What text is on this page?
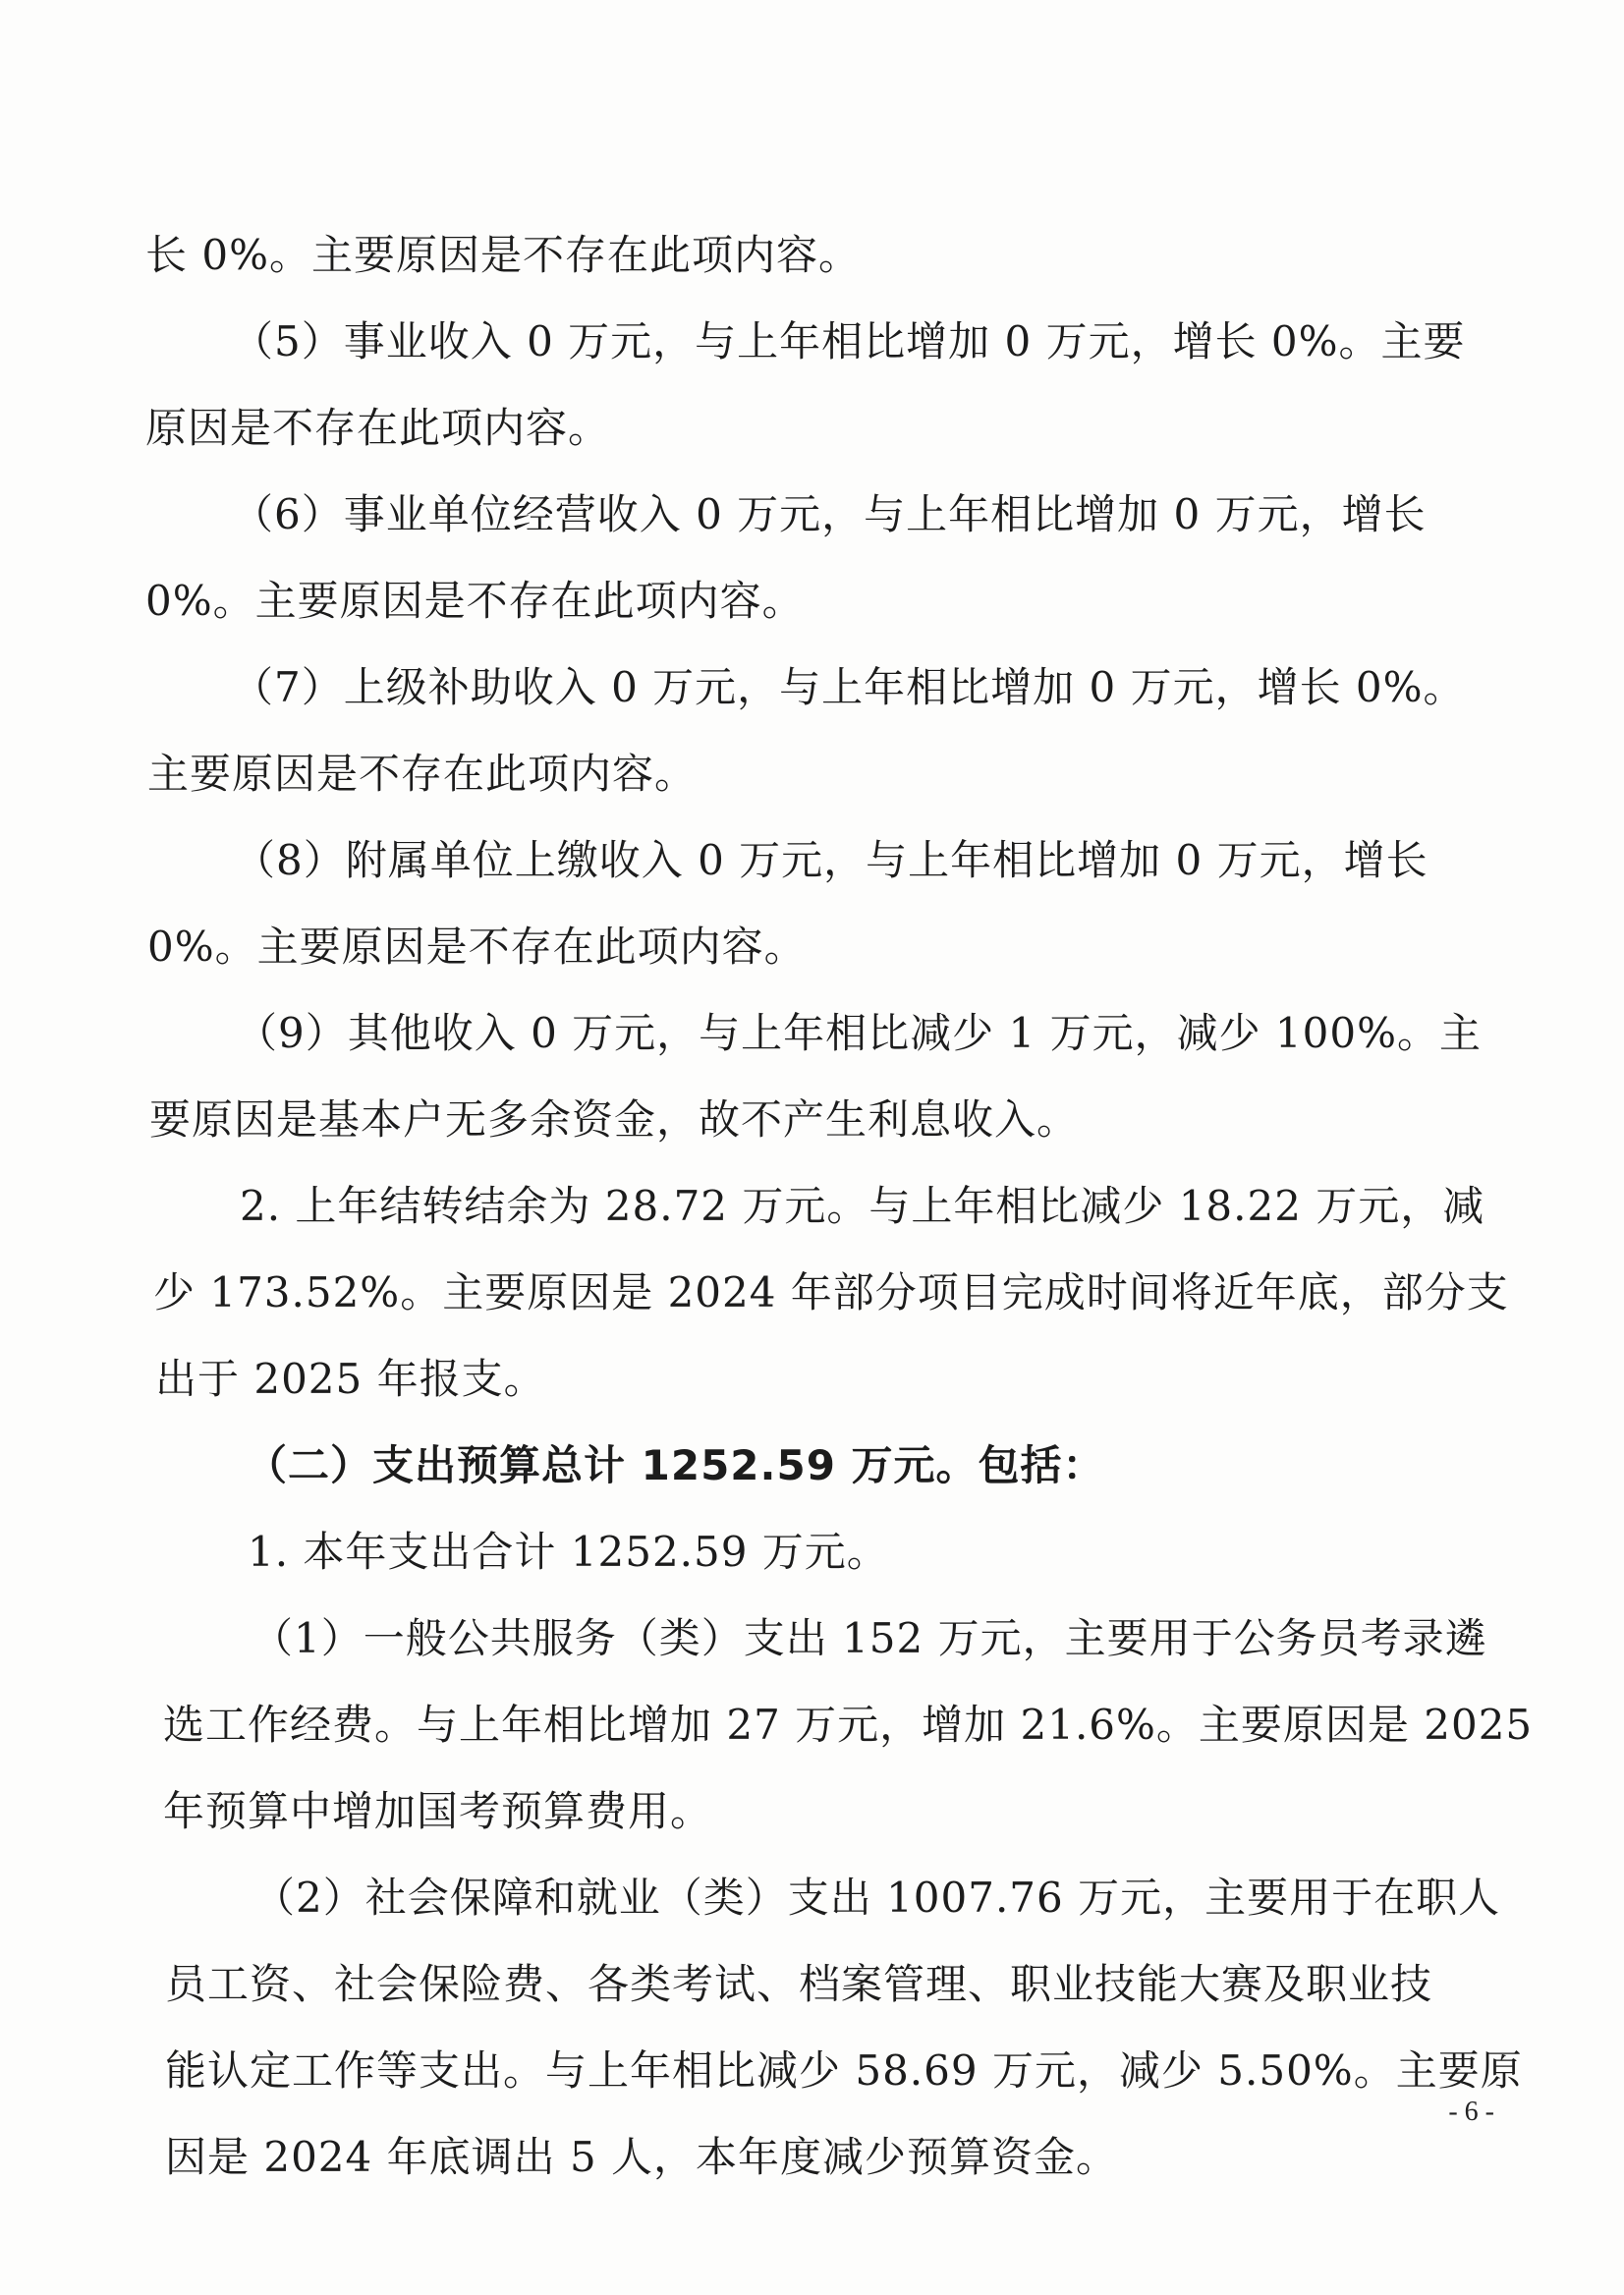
长 0%。主要原因是不存在此项内容。
（5）事业收入 0 万元，与上年相比增加 0 万元，增长 0%。主要
原因是不存在此项内容。
（6）事业单位经营收入 0 万元，与上年相比增加 0 万元，增长
0%。主要原因是不存在此项内容。
（7）上级补助收入 0 万元，与上年相比增加 0 万元，增长 0%。
主要原因是不存在此项内容。
（8）附属单位上缴收入 0 万元，与上年相比增加 0 万元，增长
0%。主要原因是不存在此项内容。
（9）其他收入 0 万元，与上年相比减少 1 万元，减少 100%。主
要原因是基本户无多余资金，故不产生利息收入。
2. 上年结转结余为 28.72 万元。与上年相比减少 18.22 万元，减
少 173.52%。主要原因是 2024 年部分项目完成时间将近年底，部分支
出于 2025 年报支。
（二）支出预算总计 1252.59 万元。包括：
1. 本年支出合计 1252.59 万元。
（1）一般公共服务（类）支出 152 万元，主要用于公务员考录遴
选工作经费。与上年相比增加 27 万元，增加 21.6%。主要原因是 2025
年预算中增加国考预算费用。
（2）社会保障和就业（类）支出 1007.76 万元，主要用于在职人
员工资、社会保险费、各类考试、档案管理、职业技能大赛及职业技
能认定工作等支出。与上年相比减少 58.69 万元，减少 5.50%。主要原
因是 2024 年底调出 5 人，本年度减少预算资金。
- 6 -
